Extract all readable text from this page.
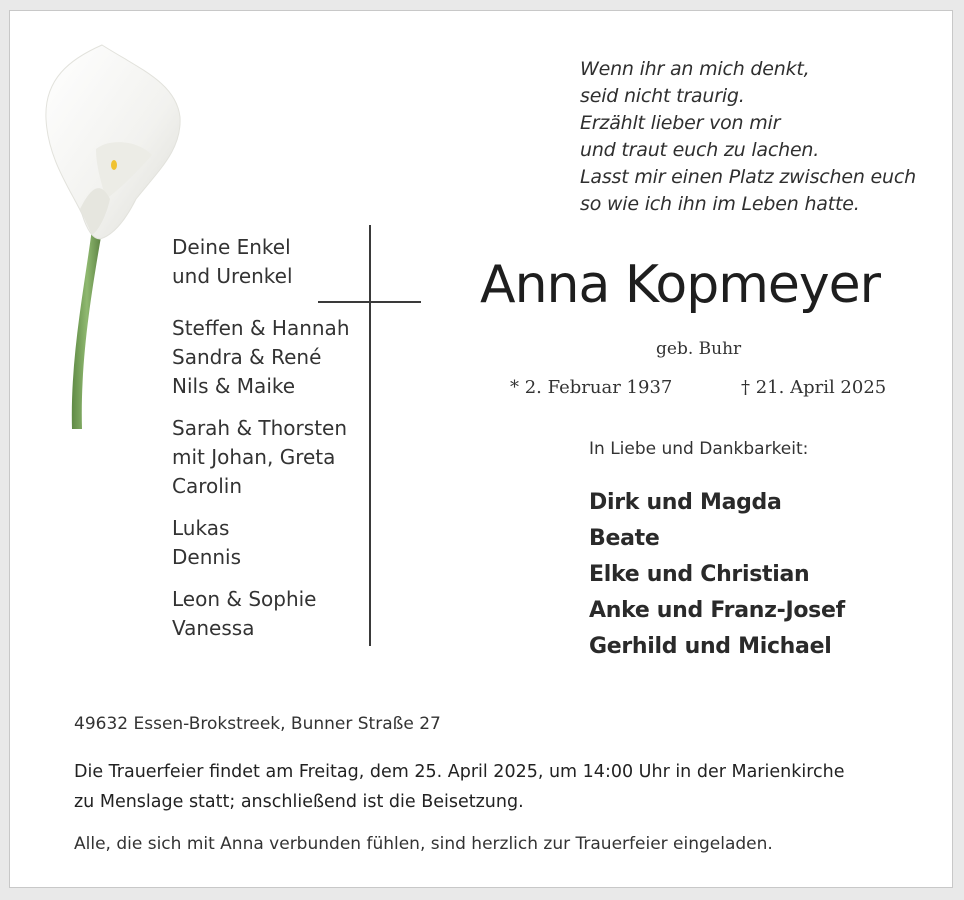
Wenn ihr an mich denkt,
seid nicht traurig.
Erzählt lieber von mir
und traut euch zu lachen.
Lasst mir einen Platz zwischen euch
so wie ich ihn im Leben hatte.
Deine Enkel
und Urenkel
Steffen & Hannah
Sandra & René
Nils & Maike
Sarah & Thorsten
mit Johan, Greta
Carolin
Lukas
Dennis
Leon & Sophie
Vanessa
Anna Kopmeyer
geb. Buhr
* 2. Februar 1937	† 21. April 2025
In Liebe und Dankbarkeit:
Dirk und Magda
Beate
Elke und Christian
Anke und Franz-Josef
Gerhild und Michael
49632 Essen-Brokstreek, Bunner Straße 27
Die Trauerfeier findet am Freitag, dem 25. April 2025, um 14:00 Uhr in der Marienkirche
zu Menslage statt; anschließend ist die Beisetzung.
Alle, die sich mit Anna verbunden fühlen, sind herzlich zur Trauerfeier eingeladen.
